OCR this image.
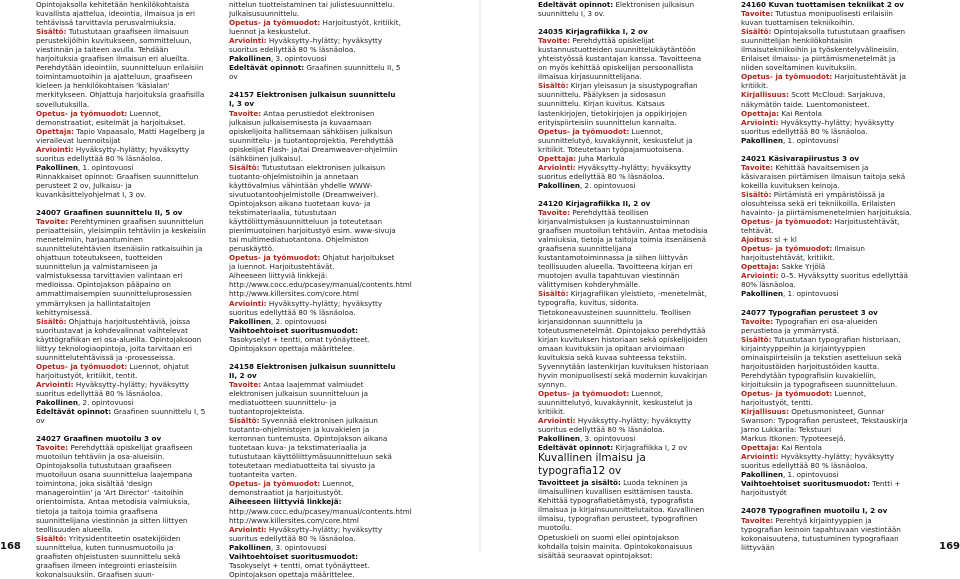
Opintojaksolla kehitetään henkilökohtaista kuvallista ajattelua, ideointia, ilmaisua ja eri tehtävissä tarvittavia perusvalmiuksia.

Sisältö: Tutustutaan graafiseen ilmaisuun perustekijöihin kuvitukseen, sommitteluun, viestinnän ja taiteen avulla. Tehdään harjoituksia graafisen ilmaisun eri alueilta. Perehdytään ideointiin, suunnitteluun erilaisiin toimintamuotoihin ja ajatteluun, graafiseen kieleen ja henkilökohtaisen 'käsialan' merkitykseen. Ohjattuja harjoituksia graafisilla sovellutuksilla.

Opetus- ja työmuodot: Luennot, demonstraatiot, esitelmät ja harjoitukset.

Opettaja: Tapio Vapaasalo, Matti Hagelberg ja vierailevat luennoitsijat

Arviointi: Hyväksytty–hylätty; hyväksytty suoritus edellyttää 80 % läsnäoloa.

Pakollinen, 1. opintovuosi

Rinnakkaiset opinnot: Graafisen suunnittelun perusteet 2 ov, Julkaisu- ja kuvankäsittelyohjelmat I, 3 ov.

24007 Graafinen suunnittelu II, 5 ov

Tavoite: Perehtyminen graafisen suunnittelun periaatteisiin, yleisimpiin tehtäviin ja keskeisiin menetelmiin, harjaantuminen suunnittelutehtävien itsenäisiin ratkaisuihin ja ohjattuun toteutukseen, tuotteiden suunnittelun ja valmistamiseen ja valmistuksessa tarvittavien valintaan eri medioissa. Opintojakson pääpaino on ammattimaisempien suunnitteluprosessien ymmärryksen ja hallintataitojen kehittymisessä.

Sisältö: Ohjattuja harjoitustehtäviä, joissa suoritustavat ja kohdevalinnat vaihtelevat käyttögrafiikan eri osa-alueilla. Opintojaksoon liittyy teknologiaopintoja, joita tarvitaan eri suunnittelutehtävissä ja -prosesseissa.

Opetus- ja työmuodot: Luennot, ohjatut harjoitustyöt, kritiikit, tentit.

Arviointi: Hyväksytty–hylätty; hyväksytty suoritus edellyttää 80 % läsnäoloa.

Pakollinen, 2. opintovuosi

Edeltävät opinnot: Graafinen suunnittelu I, 5 ov

24027 Graafinen muotoilu 3 ov

Tavoite: Perehdyttää opiskelijat graafiseen muotoilun tehtäviin ja osa-alueisiin. Opintojaksolla tutustutaan graafiseen muotoiluun osana suunnittelua laajempana toimintona, joka sisältää 'design managerointiin' ja 'Art Director' -taitoihin orientoimista. Antaa metodisia valmiuksia, tietoja ja taitoja toimia graafisena suunnittelijana viestinnän ja sitten liittyen teollisuuden alueella.

Sisältö: Yritysidentiteetin osatekijöiden suunnittelua, kuten tunnusmuotoilu ja graafisten ohjeistusten suunnittelu sekä graafisen ilmeen integrointi eriasteisiin kokonaisuuksiin. Graafisen suun-

nittelun tuotteistaminen tai julistesuunnittelu. Julkaisusuunnittelu.

Opetus- ja työmuodot: Harjoitustyöt, kritiikit, luennot ja keskustelut.

Arviointi: Hyväksytty–hylätty; hyväksytty suoritus edellyttää 80 % läsnäoloa.

Pakollinen, 3. opintovuosi

Edeltävät opinnot: Graafinen suunnittelu II, 5 ov

24157 Elektronisen julkaisun suunnittelu I, 3 ov

Tavoite: Antaa perustiedot elektronisen julkaisun julkaisemisesta ja kuvaamaan opiskelijoita hallitsemaan sähköisen julkaisun suunnittelu- ja tuotantoprojektia. Perehdyttää opiskelijat Flash- ja/tai Dreamweaver-ohjelmiin (sähköinen julkaisu).

Sisältö: Tutustutaan elektronisen julkaisun tuotanto-ohjelmistoihin ja annetaan käyttövalmius vähintään yhdelle WWW-sivutuotantoohjelmistolle (Dreamweiver). Opintojakson aikana tuotetaan kuva- ja tekstimateriaalia, tutustutaan käyttöliittymäsuunnitteluun ja toteutetaan pienimuotoinen harjoitustyö esim. www-sivuja tai multimediatuotantona. Ohjelmiston peruskäyttö.

Opetus- ja työmuodot: Ohjatut harjoitukset ja luennot. Harjoitustehtävät.

Aiheeseen liittyviä linkkejä:

http://www.cocc.edu/pcasey/manual/contents.html

http://www.killersites.com/core.html

Arviointi: Hyväksytty–hylätty; hyväksytty suoritus edellyttää 80 % läsnäoloa.

Pakollinen, 2. opintovuosi

Vaihtoehtoiset suoritusmuodot: Tasokyselyt + tentti, omat työnäytteet. Opintojakson opettaja määrittelee.

24158 Elektronisen julkaisun suunnittelu II, 2 ov

Tavoite: Antaa laajemmat valmiudet elektronisen julkaisun suunnitteluun ja mediatuotteen suunnittelu- ja tuotantoprojekteista.

Sisältö: Syvennää elektronisen julkaisun tuotanto-ohjelmistojen ja kuvakielen ja kerronnan tuntemusta. Opintojakson aikana tuotetaan kuva- ja tekstimateriaalia ja tutustutaan käyttöliittymäsuunnitteluun sekä toteutetaan mediatuotteita tai sivusto ja tuotanteita varten.

Opetus- ja työmuodot: Luennot, demonstraatiot ja harjoitustyöt.

Aiheeseen liittyviä linkkejä:

http://www.cocc.edu/pcasey/manual/contents.html

http://www.killersites.com/core.html

Arviointi: Hyväksytty–hylätty; hyväksytty suoritus edellyttää 80 % läsnäoloa.

Pakollinen, 3. opintovuosi

Vaihtoehtoiset suoritusmuodot: Tasokyselyt + tentti, omat työnäytteet. Opintojakson opettaja määrittelee.

Edeltävät opinnot: Elektronisen julkaisun suunnittelu I, 3 ov.

24035 Kirjagrafiikka I, 2 ov

Tavoite: Perehdyttää opiskelijat kustannustuotteiden suunnittelukäytäntöön yhteistyössä kustantajan kanssa. Tavoitteena on myös kehittää opiskelijan persoonallista ilmaisua kirjasuunnittelijana.

Sisältö: Kirjan yleisasun ja sisustypografian suunnittelu. Päälyksen ja sidosasun suunnittelu. Kirjan kuvitus. Katsaus lastenkirjojen, tietokirjojen ja oppikirjojen erityispiirteisiin suunnittelun kannalta.

Opetus- ja työmuodot: Luennot, suunnittelutyö, kuvakäynnit, keskustelut ja kritiikit. Toteutetaan työpajamuotoisena.

Opettaja: Juha Markula

Arviointi: Hyväksytty–hylätty; hyväksytty suoritus edellyttää 80 % läsnäoloa.

Pakollinen, 2. opintovuosi

24120 Kirjagrafiikka II, 2 ov

Tavoite: Perehdyttää teollisen kirjanvalmistuksen ja kustannustoiminnan graafisen muotoilun tehtäviin. Antaa metodisia valmiuksia, tietoja ja taitoja toimia itsenäisenä graafisena suunnittelijana kustantamotoiminnassa ja siihen liittyvän teollisuuden alueella. Tavoitteena kirjan eri muotojen avulla tapahtuvan viestinnän välittymisen kohderyhmälle.

Sisältö: Kirjagrafiikan yleistieto, -menetelmät, typografia, kuvitus, sidonta. Tietokoneavusteinen suunnittelu. Teollisen kirjansidonnan suunnittelu ja toteutusmenetelmät. Opintojakso perehdyttää kirjan kuvituksen historiaan sekä opiskelijoiden omaan kuvituksiin ja opitaan arvioimaan kuvituksia sekä kuvaa suhteessa tekstiin. Syvennytään lastenkirjan kuvituksen historiaan hyvin monipuolisesti sekä modernin kuvakirjan synnyn.

Opetus- ja työmuodot: Luennot, suunnittelutyö, kuvakäynnit, keskustelut ja kritiikit.

Arviointi: Hyväksytty–hylätty; hyväksytty suoritus edellyttää 80 % läsnäoloa.

Pakollinen, 3. opintovuosi

Edeltävät opinnot: Kirjagrafiikka I, 2 ov

Kuvallinen ilmaisu ja typografia12 ov

Tavoitteet ja sisältö: Luoda tekninen ja ilmaisullinen kuvallisen esittämisen tausta. Kehittää typografiatietämystä, typografista ilmaisua ja kirjainsuunnittelutaitoa. Kuvallinen ilmaisu, typografian perusteet, typografinen muotoilu.

Opetuskieli on suomi ellei opintojakson kohdalla toisin mainita. Opintokokonaisuus sisältää seuraavat opintojaksot:

24160 Kuvan tuottamisen tekniikat 2 ov

Tavoite: Tutustua monipuolisesti erilaisiin kuvan tuottamisen tekniikoihin.

Sisältö: Opintojaksolla tutustutaan graafisen suunnittelijan henkilökohtaisiin ilmaisutekniikoihin ja työskentelyvälineisiin. Erilaiset ilmaisu- ja piirtämismenetelmät ja niiden soveltaminen kuvituksiin.

Opetus- ja työmuodot: Harjoitustehtävät ja kritiikit.

Kirjallisuus: Scott McCloud: Sarjakuva, näkymätön taide. Luentomonisteet.

Opettaja: Kai Rentola

Arviointi: Hyväksytty–hylätty; hyväksytty suoritus edellyttää 80 % läsnäoloa.

Pakollinen, 1. opintovuosi

24021 Käsivarapiirustus 3 ov

Tavoite: Kehittää havaitsemisen ja käsivaraisen piirtämisen ilmaisun taitoja sekä kokeilla kuvituksen keinoja.

Sisältö: Piirtämistä eri ympäristöissä ja olosuhteissa sekä eri tekniikoilla. Erilaisten havainto- ja piirtämismenetelmien harjoituksia.

Opetus- ja työmuodot: Harjoitustehtävät, tehtävät.

Ajoitus: sl + kl

Opetus- ja työmuodot: Ilmaisun harjoitustehtävät, kritiikit.

Opettaja: Sakke Yrjölä

Arviointi: 0–5. Hyväksytty suoritus edellyttää 80% läsnäoloa.

Pakollinen, 1. opintovuosi

24077 Typografian perusteet 3 ov

Tavoite: Typografian eri osa-alueiden perustietoa ja ymmärrystä.

Sisältö: Tutustutaan typografian historiaan, kirjaintyyppeihin ja kirjaintyyppien ominaispiirteisiin ja tekstien asetteluun sekä harjoitustöiden harjoitustöiden kautta. Perehdytään typografisiin kuvakieliin, kirjoituksiin ja typografiseen suunnitteluun.

Opetus- ja työmuodot: Luennot, harjoitustyöt, tentti.

Kirjallisuus: Opetusmonisteet, Gunnar Swanson: Typografian perusteet, Tekstauskirja

Jarno Lukkarila: Tekstuuri

Markus Itkonen: Typoteesejä.

Opettaja: Kai Rentola

Arviointi: Hyväksytty–hylätty; hyväksytty suoritus edellyttää 80 % läsnäoloa.

Pakollinen, 1. opintovuosi

Vaihtoehtoiset suoritusmuodot: Tentti + harjoitustyöt

24078 Typografinen muotoilu I, 2 ov

Tavoite: Perehtyä kirjaintyyppien ja typografian keinoin tapahtuvaan viestintään kokonaisuutena, tutustuminen typografiaan liittyvään

168	169
